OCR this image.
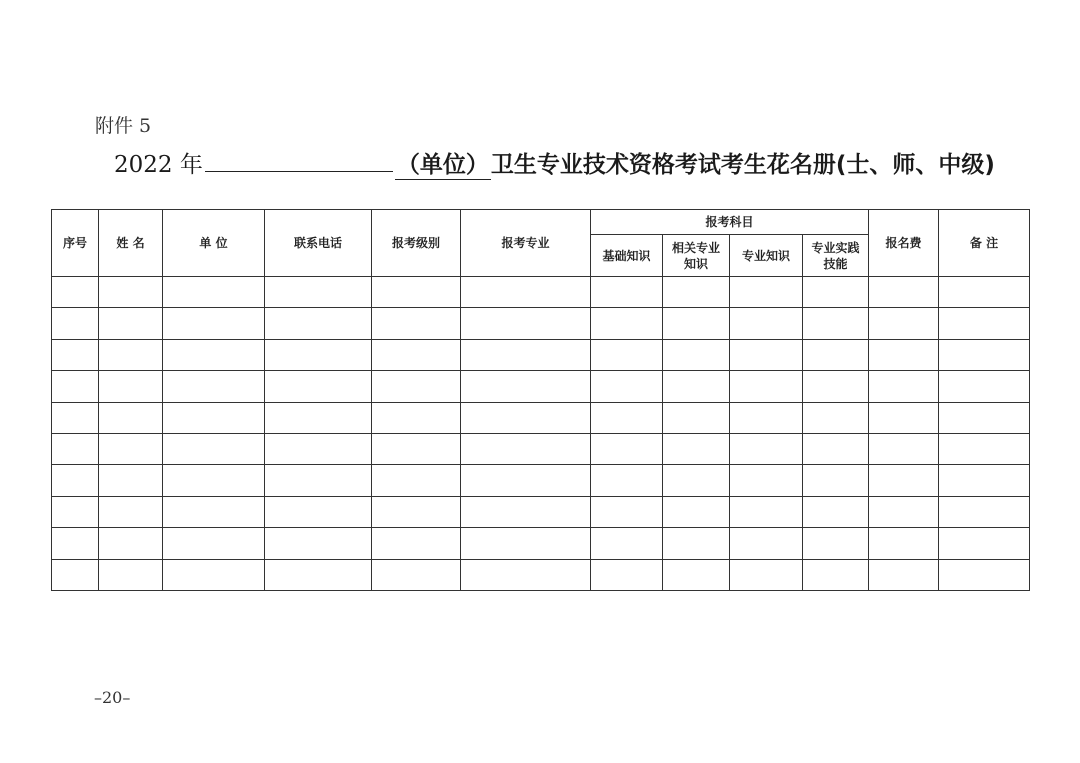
附件 5
2022 年	（单位） 卫生专业技术资格考试考生花名册(士、师、中级)
序号	姓 名	单 位	联系电话	报考级别	报考专业	报考科目				报名费	备 注
						基础知识	相关专业知识	专业知识	专业实践技能		

–20–
